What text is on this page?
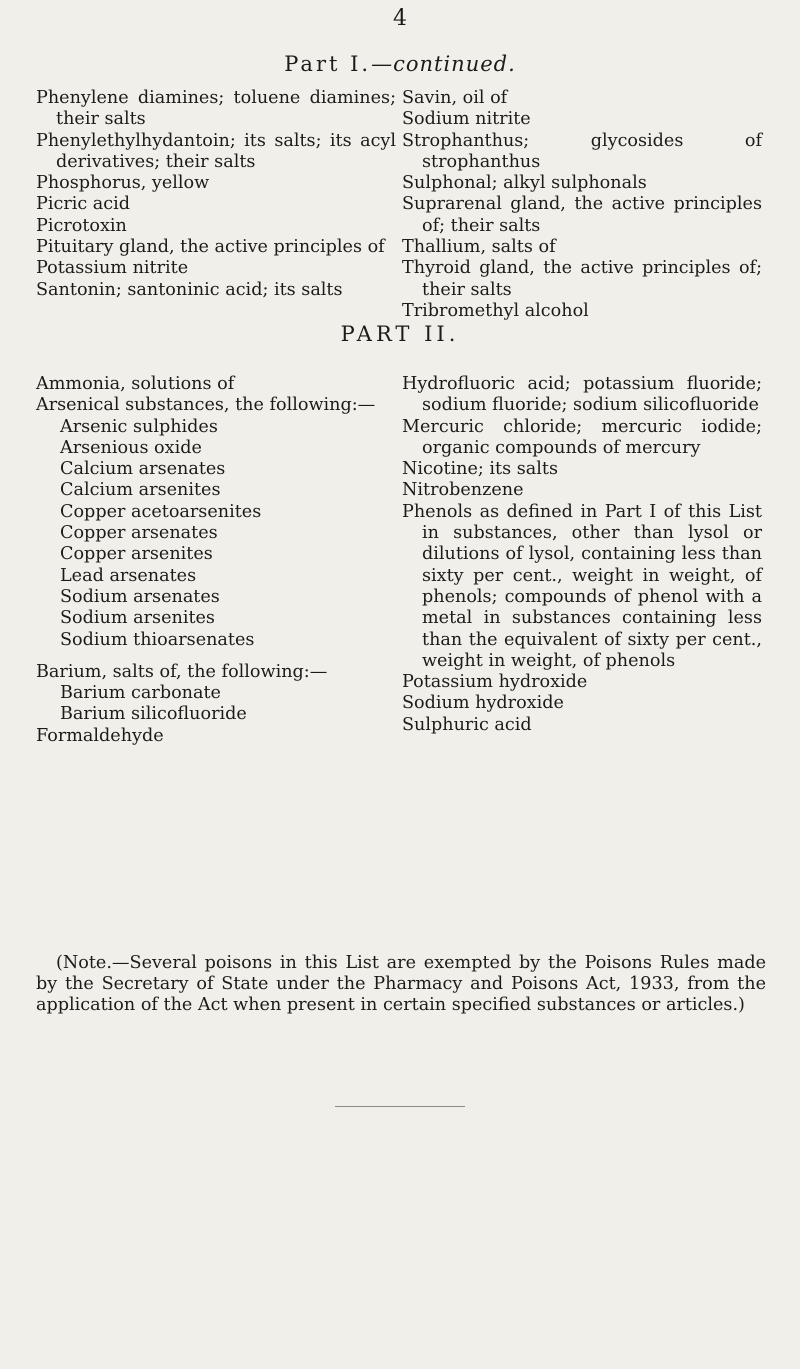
4
Part I.—continued.

Phenylene diamines; toluene diamines; their salts

Phenylethylhydantoin; its salts; its acyl derivatives; their salts

Phosphorus, yellow

Picric acid

Picrotoxin

Pituitary gland, the active principles of

Potassium nitrite

Santonin; santoninic acid; its salts

Savin, oil of

Sodium nitrite

Strophanthus; glycosides of strophanthus

Sulphonal; alkyl sulphonals

Suprarenal gland, the active principles of; their salts

Thallium, salts of

Thyroid gland, the active principles of; their salts

Tribromethyl alcohol

PART II.

Ammonia, solutions of

Arsenical substances, the following:—

Arsenic sulphides

Arsenious oxide

Calcium arsenates

Calcium arsenites

Copper acetoarsenites

Copper arsenates

Copper arsenites

Lead arsenates

Sodium arsenates

Sodium arsenites

Sodium thioarsenates

Barium, salts of, the following:—

Barium carbonate

Barium silicofluoride

Formaldehyde

Hydrofluoric acid; potassium fluoride; sodium fluoride; sodium silicofluoride

Mercuric chloride; mercuric iodide; organic compounds of mercury

Nicotine; its salts

Nitrobenzene

Phenols as defined in Part I of this List in substances, other than lysol or dilutions of lysol, containing less than sixty per cent., weight in weight, of phenols; compounds of phenol with a metal in substances containing less than the equivalent of sixty per cent., weight in weight, of phenols

Potassium hydroxide

Sodium hydroxide

Sulphuric acid

(Note.—Several poisons in this List are exempted by the Poisons Rules made by the Secretary of State under the Pharmacy and Poisons Act, 1933, from the application of the Act when present in certain specified substances or articles.)
